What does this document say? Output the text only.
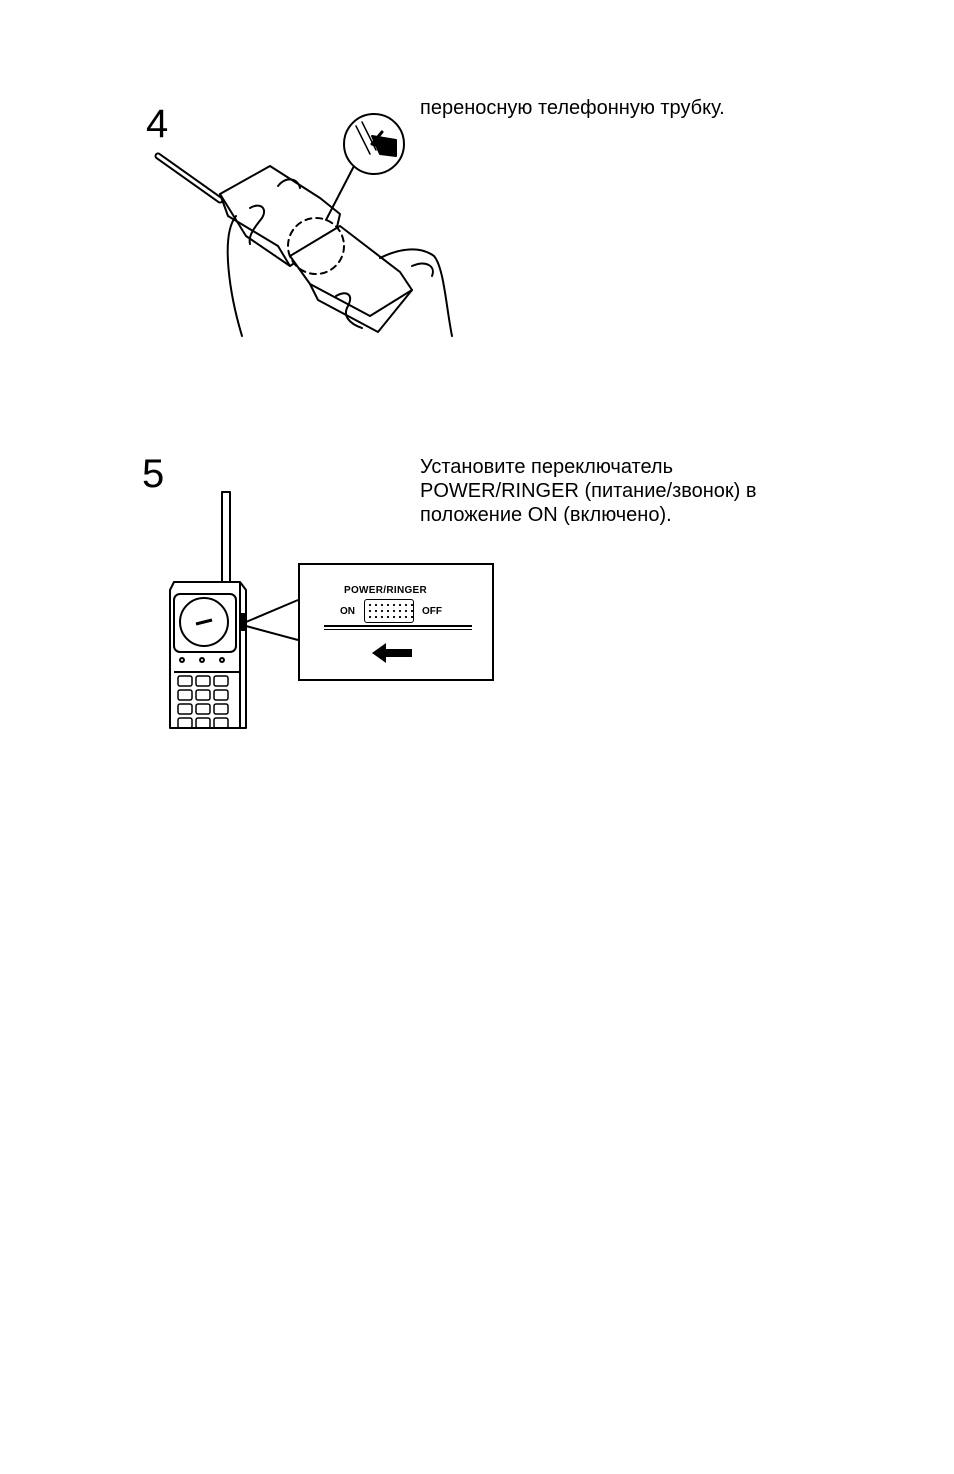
4	переносную телефонную трубку.
5	Установите переключатель
POWER/RINGER (питание/звонок) в
положение ON (включено).
POWER/RINGER
ON	OFF
